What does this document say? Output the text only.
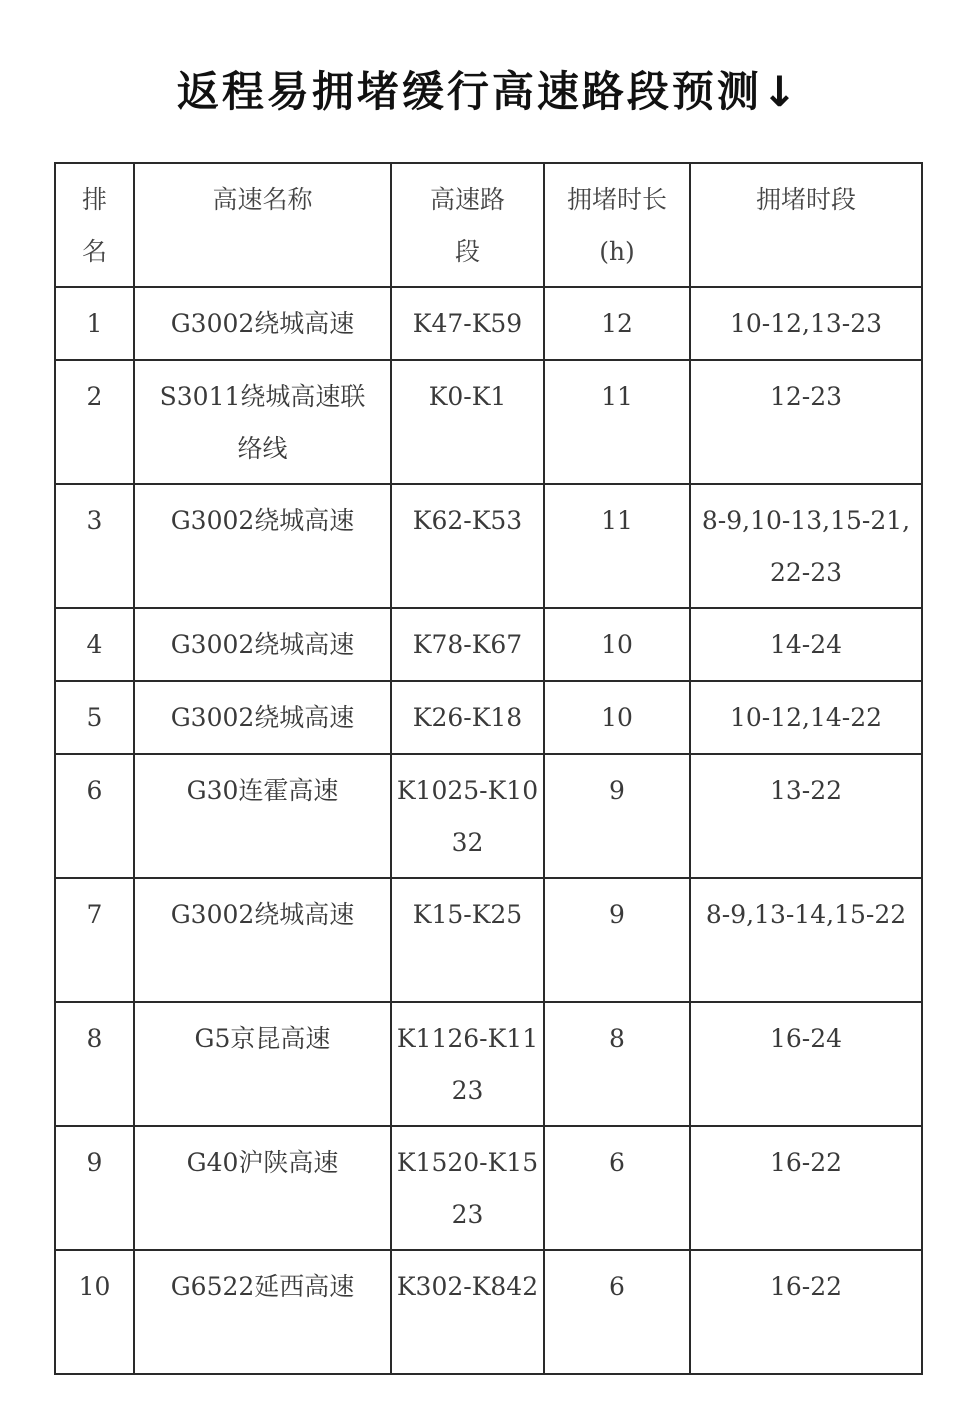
返程易拥堵缓行高速路段预测↓
排名	高速名称	高速路段	拥堵时长(h)	拥堵时段

1	G3002绕城高速	K47-K59	12	10-12,13-23
2	S3011绕城高速联络线	K0-K1	11	12-23
3	G3002绕城高速	K62-K53	11	8-9,10-13,15-21,22-23
4	G3002绕城高速	K78-K67	10	14-24
5	G3002绕城高速	K26-K18	10	10-12,14-22
6	G30连霍高速	K1025-K1032	9	13-22
7	G3002绕城高速	K15-K25	9	8-9,13-14,15-22
8	G5京昆高速	K1126-K1123	8	16-24
9	G40沪陕高速	K1520-K1523	6	16-22
10	G6522延西高速	K302-K842	6	16-22
